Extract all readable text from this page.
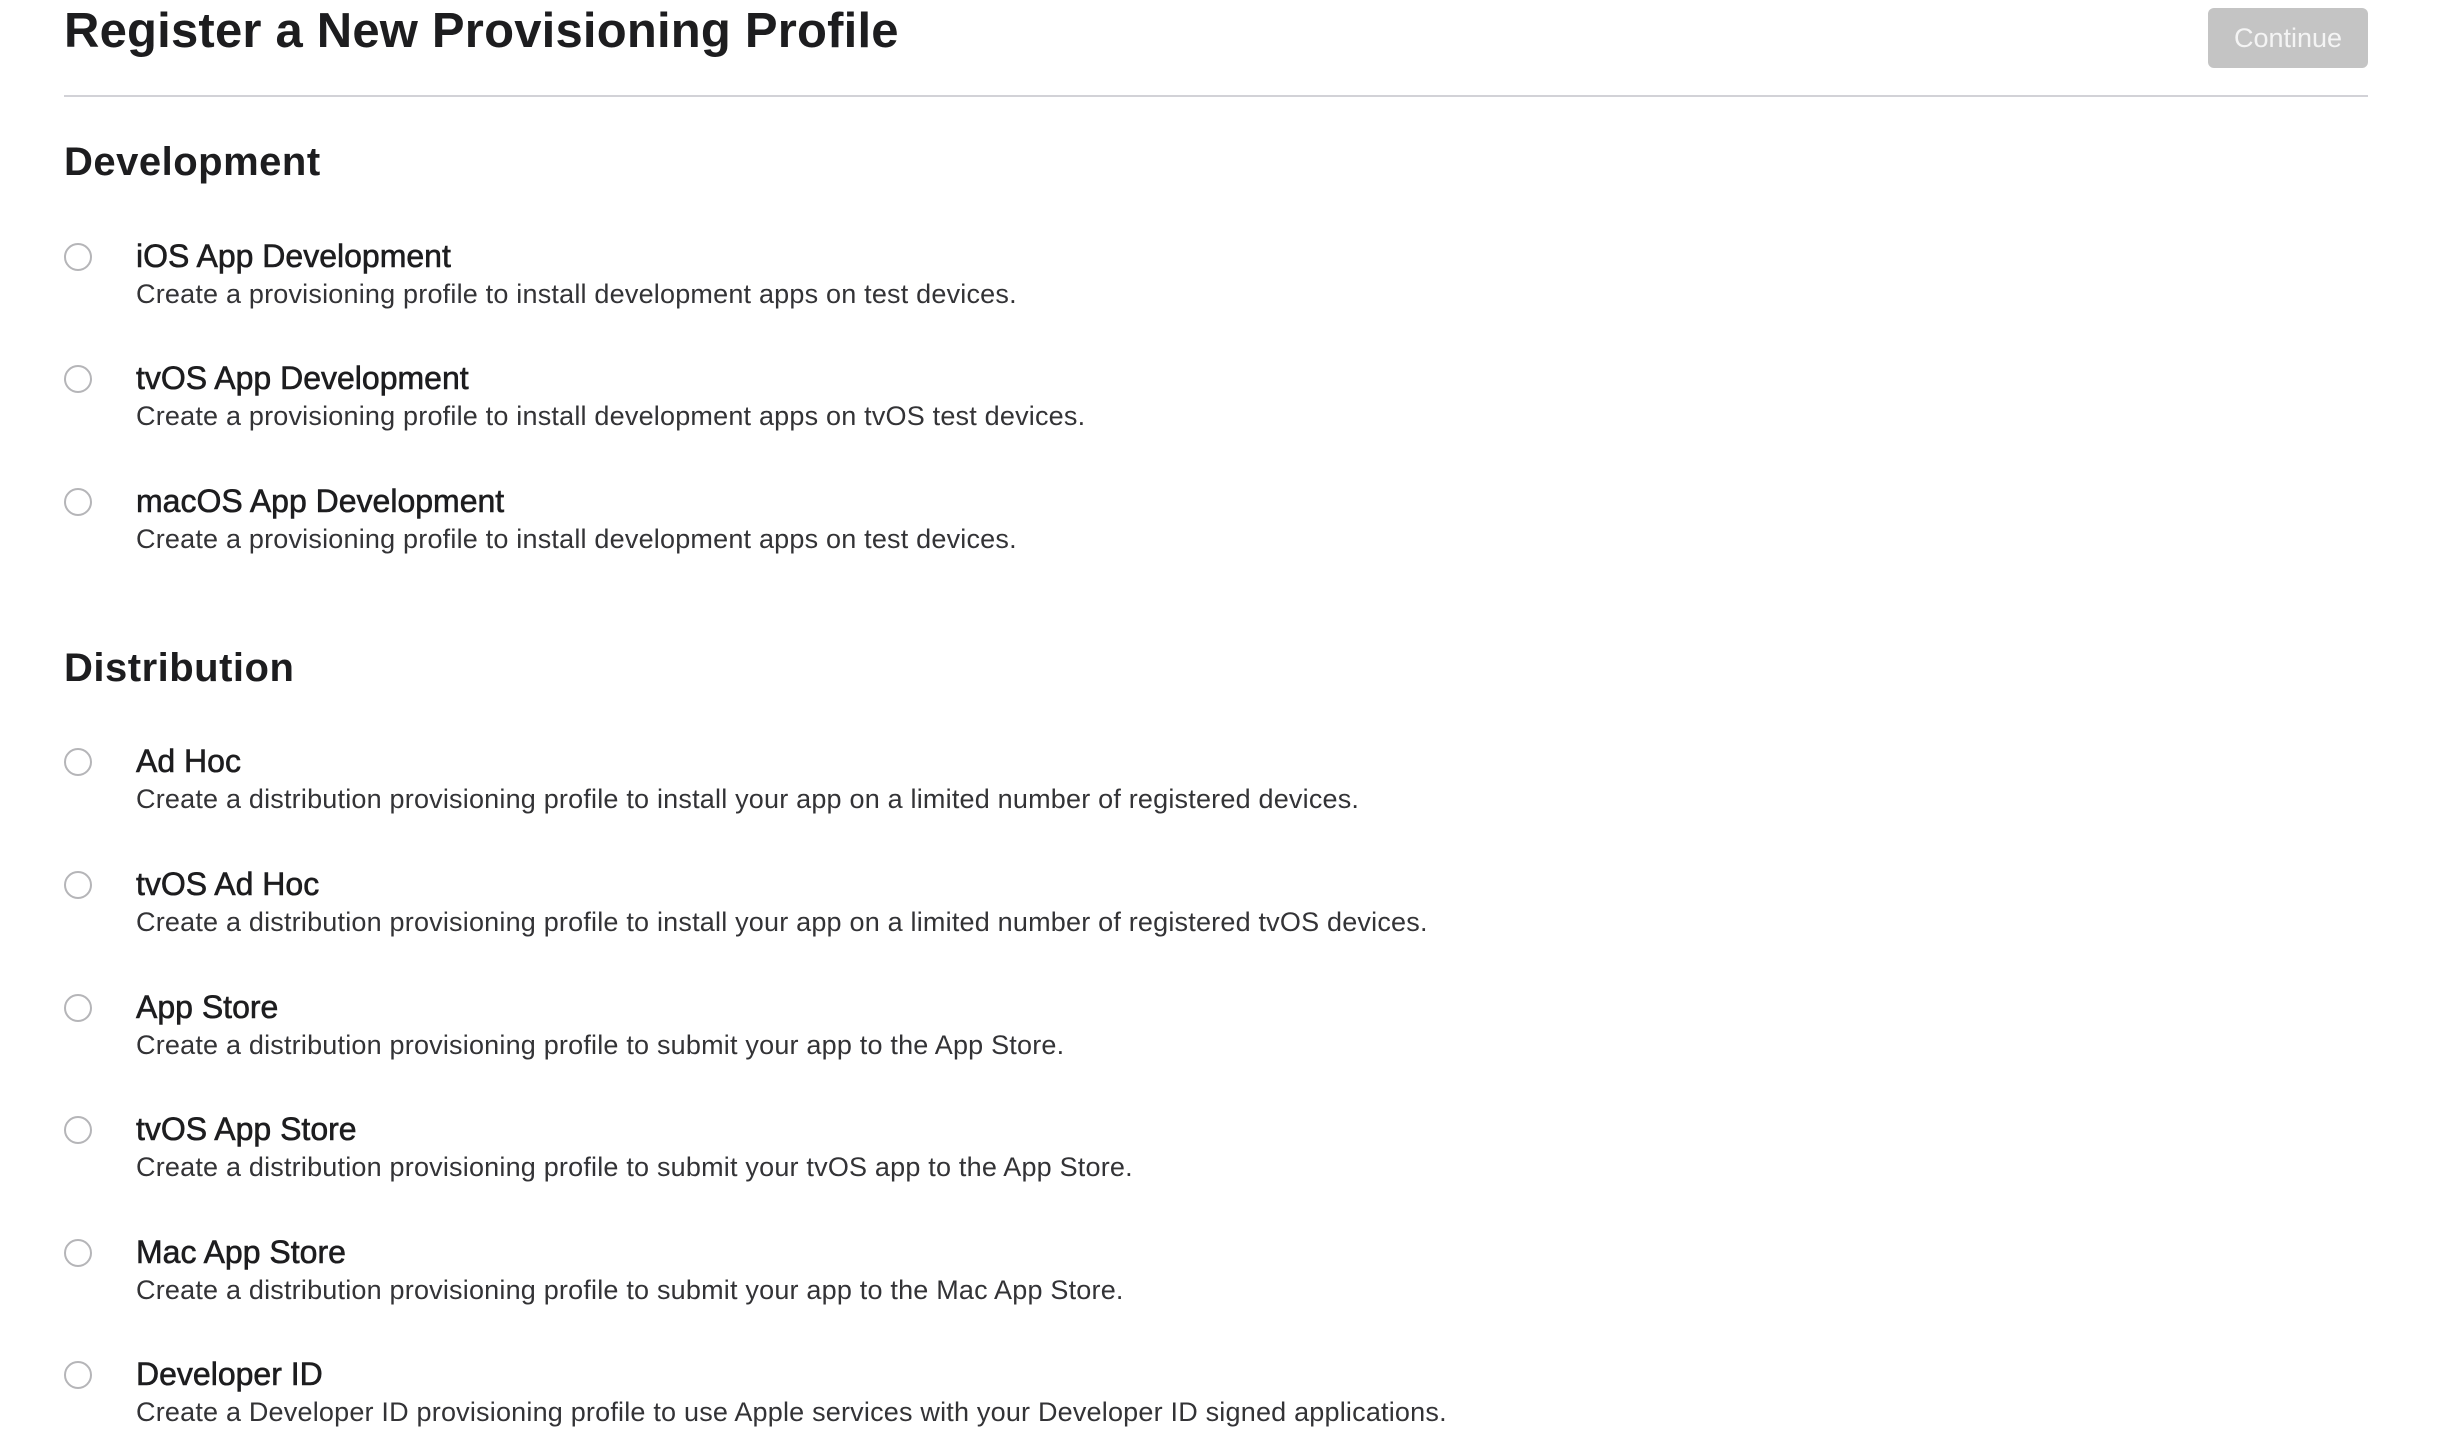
Register a New Provisioning Profile	Continue
Development
iOS App Development
Create a provisioning profile to install development apps on test devices.
tvOS App Development
Create a provisioning profile to install development apps on tvOS test devices.
macOS App Development
Create a provisioning profile to install development apps on test devices.
Distribution
Ad Hoc
Create a distribution provisioning profile to install your app on a limited number of registered devices.
tvOS Ad Hoc
Create a distribution provisioning profile to install your app on a limited number of registered tvOS devices.
App Store
Create a distribution provisioning profile to submit your app to the App Store.
tvOS App Store
Create a distribution provisioning profile to submit your tvOS app to the App Store.
Mac App Store
Create a distribution provisioning profile to submit your app to the Mac App Store.
Developer ID
Create a Developer ID provisioning profile to use Apple services with your Developer ID signed applications.
